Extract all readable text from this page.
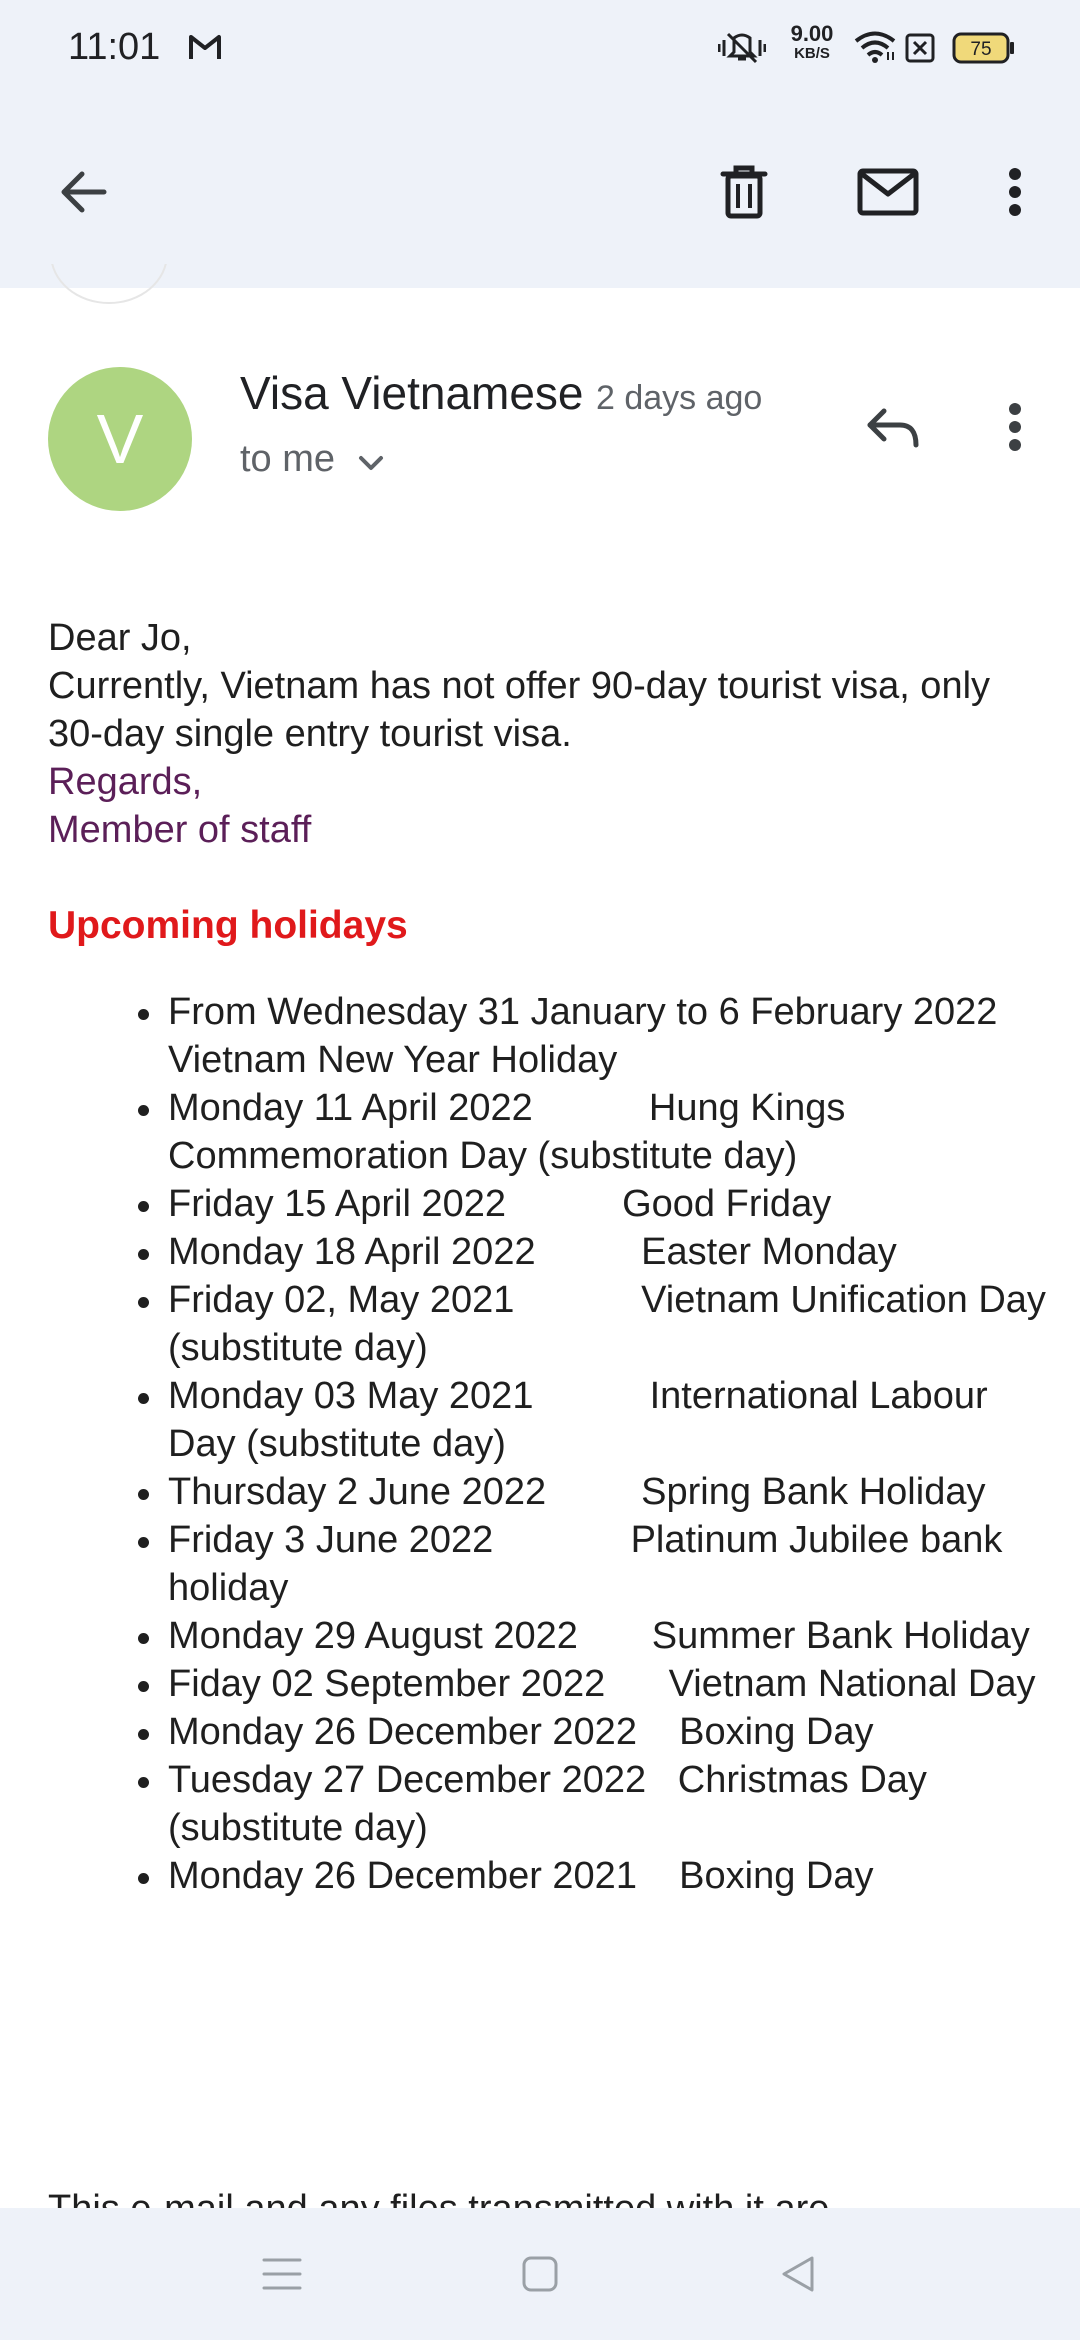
11:01	9.00
KB/S	75
V
Visa Vietnamese 2 days ago
to me
Dear Jo,
Currently, Vietnam has not offer 90-day tourist visa, only 30-day single entry tourist visa.
Regards,
Member of staff
Upcoming holidays
From Wednesday 31 January to 6 February 2022  Vietnam New Year Holiday
Monday 11 April 2022           Hung Kings Commemoration Day (substitute day)
Friday 15 April 2022           Good Friday
Monday 18 April 2022          Easter Monday
Friday 02, May 2021            Vietnam Unification Day (substitute day)
Monday 03 May 2021           International Labour Day (substitute day)
Thursday 2 June 2022         Spring Bank Holiday
Friday 3 June 2022             Platinum Jubilee bank holiday
Monday 29 August 2022       Summer Bank Holiday
Fiday 02 September 2022      Vietnam National Day
Monday 26 December 2022    Boxing Day
Tuesday 27 December 2022   Christmas Day (substitute day)
Monday 26 December 2021    Boxing Day
